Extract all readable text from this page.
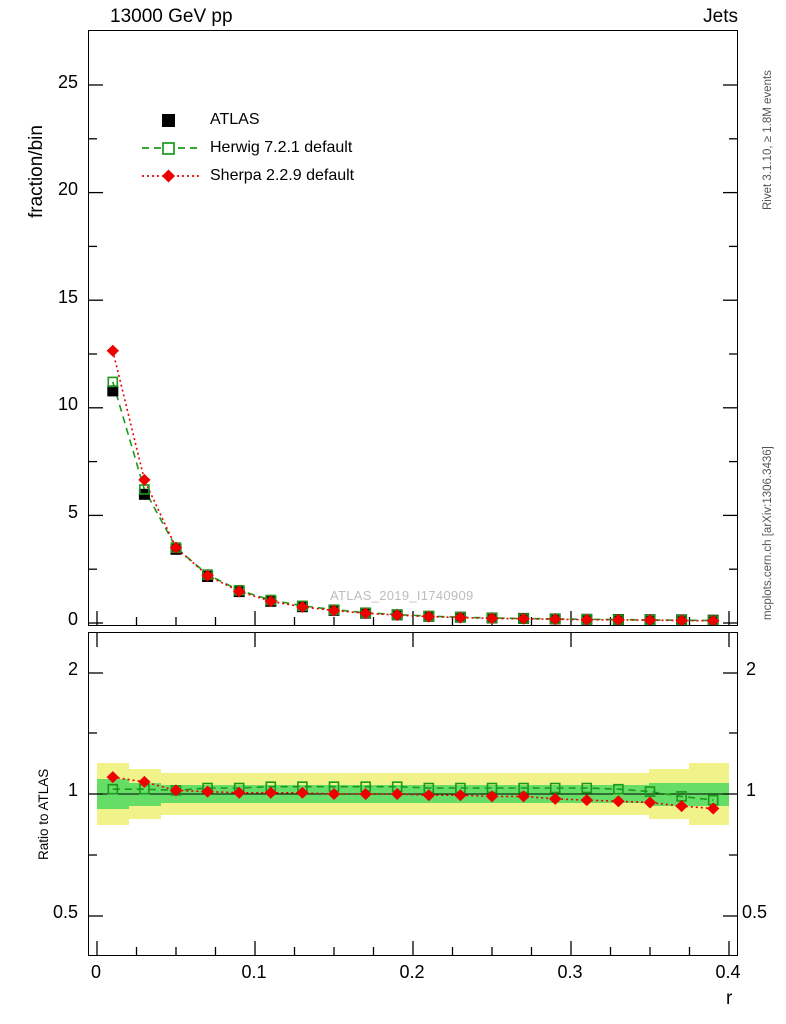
13000 GeV pp	Jets
Rivet 3.1.10, ≥ 1.8M events
mcplots.cern.ch [arXiv:1306.3436]
fraction/bin
Ratio to ATLAS
25
20
15
10
5
0
ATLAS
Herwig 7.2.1 default
Sherpa 2.2.9 default
ATLAS_2019_I1740909
2
1
0.5
2
1
0.5
0	0.1	0.2	0.3	0.4
r
